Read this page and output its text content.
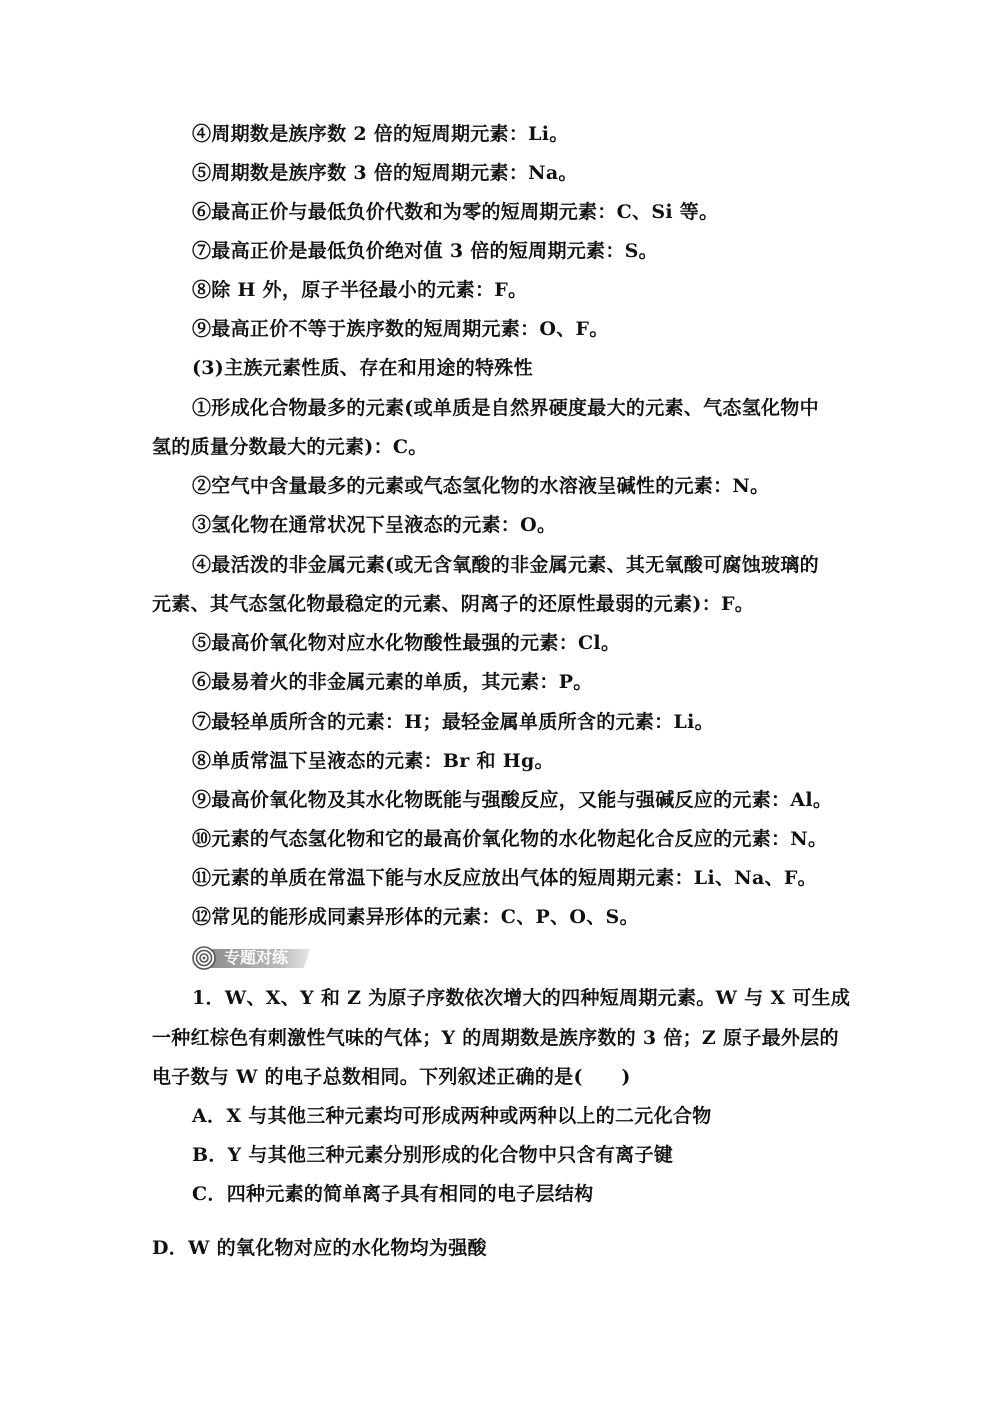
④周期数是族序数 2 倍的短周期元素：Li。
⑤周期数是族序数 3 倍的短周期元素：Na。
⑥最高正价与最低负价代数和为零的短周期元素：C、Si 等。
⑦最高正价是最低负价绝对值 3 倍的短周期元素：S。
⑧除 H 外，原子半径最小的元素：F。
⑨最高正价不等于族序数的短周期元素：O、F。
(3)主族元素性质、存在和用途的特殊性
①形成化合物最多的元素(或单质是自然界硬度最大的元素、气态氢化物中
氢的质量分数最大的元素)：C。
②空气中含量最多的元素或气态氢化物的水溶液呈碱性的元素：N。
③氢化物在通常状况下呈液态的元素：O。
④最活泼的非金属元素(或无含氧酸的非金属元素、其无氧酸可腐蚀玻璃的
元素、其气态氢化物最稳定的元素、阴离子的还原性最弱的元素)：F。
⑤最高价氧化物对应水化物酸性最强的元素：Cl。
⑥最易着火的非金属元素的单质，其元素：P。
⑦最轻单质所含的元素：H；最轻金属单质所含的元素：Li。
⑧单质常温下呈液态的元素：Br 和 Hg。
⑨最高价氧化物及其水化物既能与强酸反应，又能与强碱反应的元素：Al。
⑩元素的气态氢化物和它的最高价氧化物的水化物起化合反应的元素：N。
⑪元素的单质在常温下能与水反应放出气体的短周期元素：Li、Na、F。
⑫常见的能形成同素异形体的元素：C、P、O、S。
专题对练
1．W、X、Y 和 Z 为原子序数依次增大的四种短周期元素。W 与 X 可生成
一种红棕色有刺激性气味的气体；Y 的周期数是族序数的 3 倍；Z 原子最外层的
电子数与 W 的电子总数相同。下列叙述正确的是(　　)
A．X 与其他三种元素均可形成两种或两种以上的二元化合物
B．Y 与其他三种元素分别形成的化合物中只含有离子键
C．四种元素的简单离子具有相同的电子层结构
D．W 的氧化物对应的水化物均为强酸
